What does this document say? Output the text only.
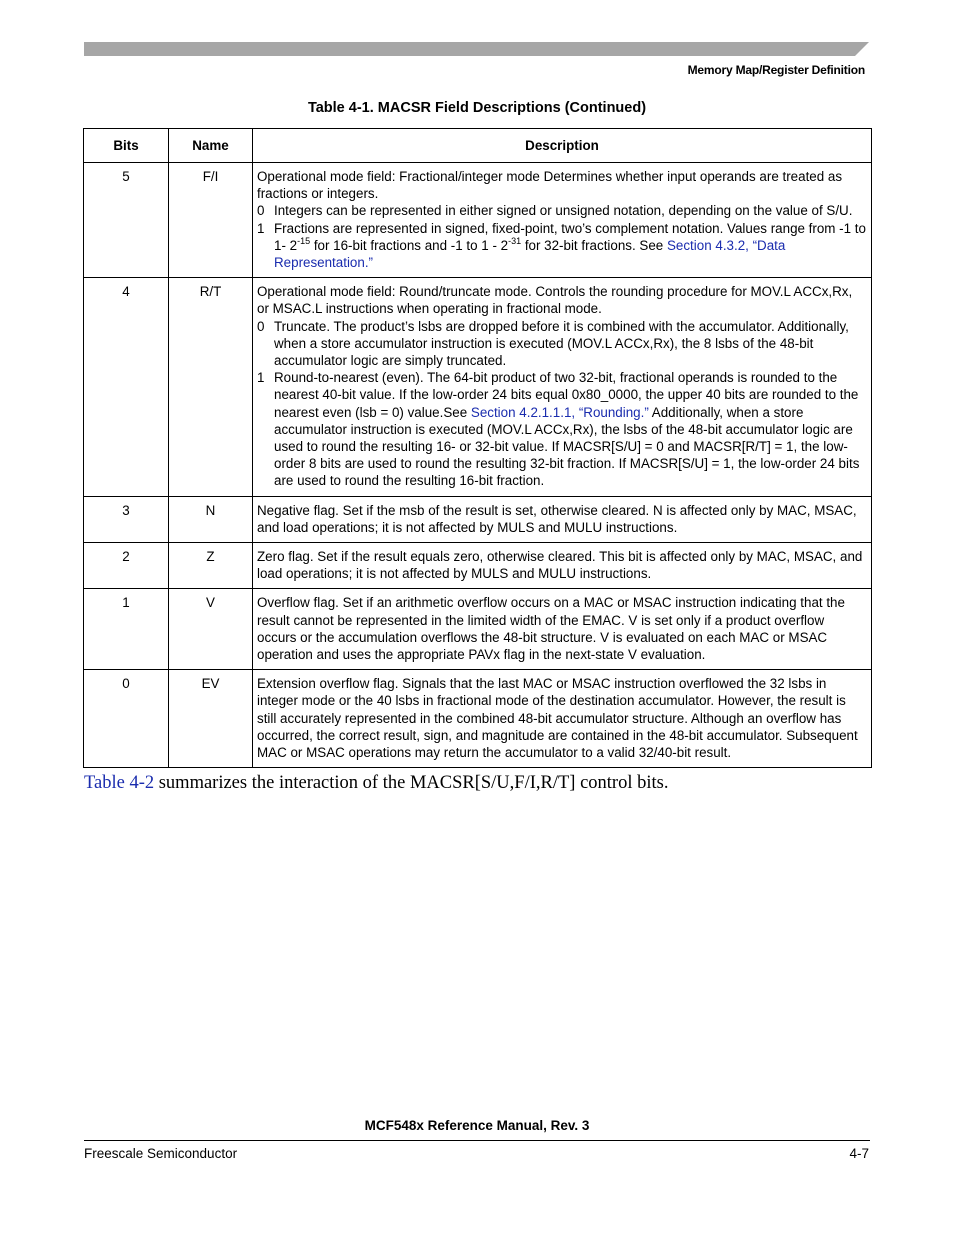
Memory Map/Register Definition
Table 4-1. MACSR Field Descriptions (Continued)
Bits	Name	Description
5	F/I	Operational mode field: Fractional/integer mode Determines whether input operands are treated as fractions or integers.

0 Integers can be represented in either signed or unsigned notation, depending on the value of S/U.
1 Fractions are represented in signed, fixed-point, two’s complement notation. Values range from -1 to 1- $2^{-15}$ for 16-bit fractions and -1 to $1 - 2^{-31}$ for 32-bit fractions. See Section 4.3.2, “Data Representation.”

4	R/T	Operational mode field: Round/truncate mode. Controls the rounding procedure for MOV.L ACCx,Rx, or MSAC.L instructions when operating in fractional mode.

0 Truncate. The product’s lsbs are dropped before it is combined with the accumulator. Additionally, when a store accumulator instruction is executed (MOV.L ACCx,Rx), the 8 lsbs of the 48-bit accumulator logic are simply truncated.
1 Round-to-nearest (even). The 64-bit product of two 32-bit, fractional operands is rounded to the nearest 40-bit value. If the low-order 24 bits equal 0x80_0000, the upper 40 bits are rounded to the nearest even (lsb = 0) value.See Section 4.2.1.1.1, “Rounding.” Additionally, when a store accumulator instruction is executed (MOV.L ACCx,Rx), the lsbs of the 48-bit accumulator logic are used to round the resulting 16- or 32-bit value. If MACSR[S/U] = 0 and MACSR[R/T] = 1, the low-order 8 bits are used to round the resulting 32-bit fraction. If MACSR[S/U] = 1, the low-order 24 bits are used to round the resulting 16-bit fraction.

3	N	Negative flag. Set if the msb of the result is set, otherwise cleared. N is affected only by MAC, MSAC, and load operations; it is not affected by MULS and MULU instructions.
2	Z	Zero flag. Set if the result equals zero, otherwise cleared. This bit is affected only by MAC, MSAC, and load operations; it is not affected by MULS and MULU instructions.
1	V	Overflow flag. Set if an arithmetic overflow occurs on a MAC or MSAC instruction indicating that the result cannot be represented in the limited width of the EMAC. V is set only if a product overflow occurs or the accumulation overflows the 48-bit structure. V is evaluated on each MAC or MSAC operation and uses the appropriate PAVx flag in the next-state V evaluation.
0	EV	Extension overflow flag. Signals that the last MAC or MSAC instruction overflowed the 32 lsbs in integer mode or the 40 lsbs in fractional mode of the destination accumulator. However, the result is still accurately represented in the combined 48-bit accumulator structure. Although an overflow has occurred, the correct result, sign, and magnitude are contained in the 48-bit accumulator. Subsequent MAC or MSAC operations may return the accumulator to a valid 32/40-bit result.
Table 4-2 summarizes the interaction of the MACSR[S/U,F/I,R/T] control bits.
MCF548x Reference Manual, Rev. 3
Freescale Semiconductor	4-7
